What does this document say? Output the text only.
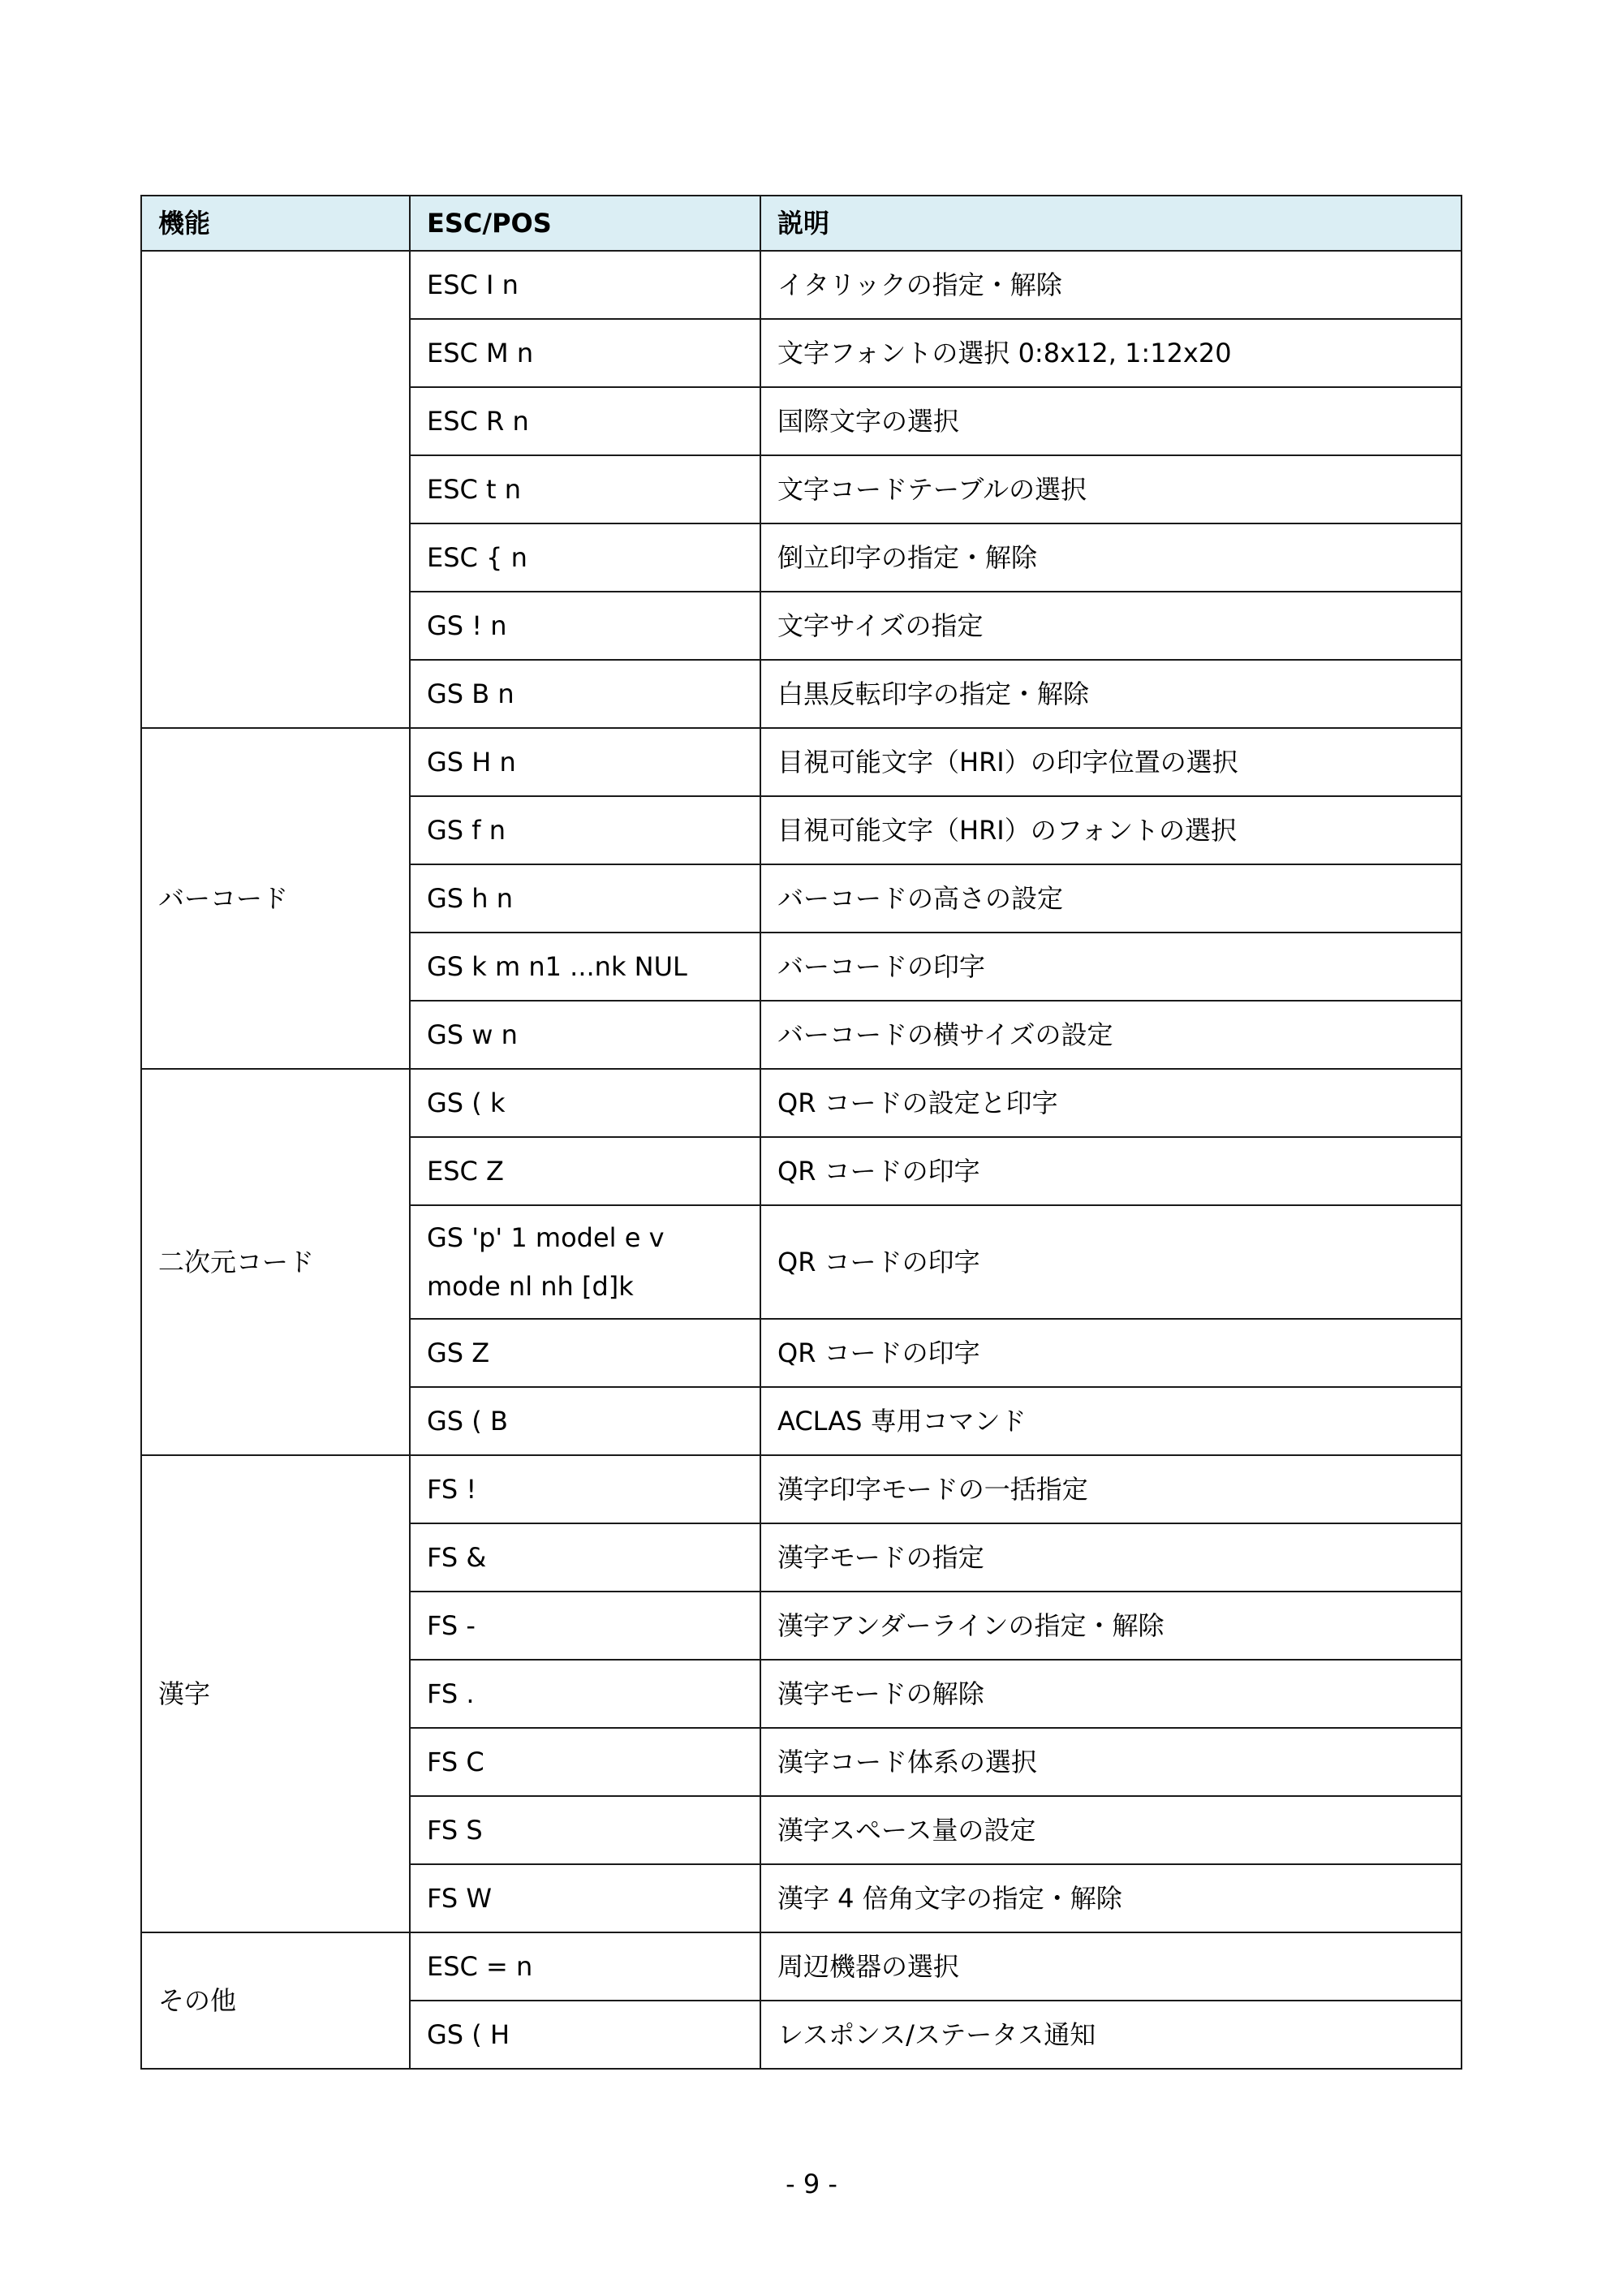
機能	ESC/POS	説明
	ESC I n	イタリックの指定・解除
	ESC M n	文字フォントの選択 0:8x12, 1:12x20
	ESC R n	国際文字の選択
	ESC t n	文字コードテーブルの選択
	ESC { n	倒立印字の指定・解除
	GS ! n	文字サイズの指定
	GS B n	白黒反転印字の指定・解除
バーコード	GS H n	目視可能文字（HRI）の印字位置の選択
	GS f n	目視可能文字（HRI）のフォントの選択
	GS h n	バーコードの高さの設定
	GS k m n1 ...nk NUL	バーコードの印字
	GS w n	バーコードの横サイズの設定
二次元コード	GS ( k	QR コードの設定と印字
	ESC Z	QR コードの印字
	GS 'p' 1 model e v mode nl nh [d]k	QR コードの印字
	GS Z	QR コードの印字
	GS ( B	ACLAS 専用コマンド
漢字	FS !	漢字印字モードの一括指定
	FS &	漢字モードの指定
	FS -	漢字アンダーラインの指定・解除
	FS .	漢字モードの解除
	FS C	漢字コード体系の選択
	FS S	漢字スペース量の設定
	FS W	漢字 4 倍角文字の指定・解除
その他	ESC = n	周辺機器の選択
	GS ( H	レスポンス/ステータス通知
- 9 -
